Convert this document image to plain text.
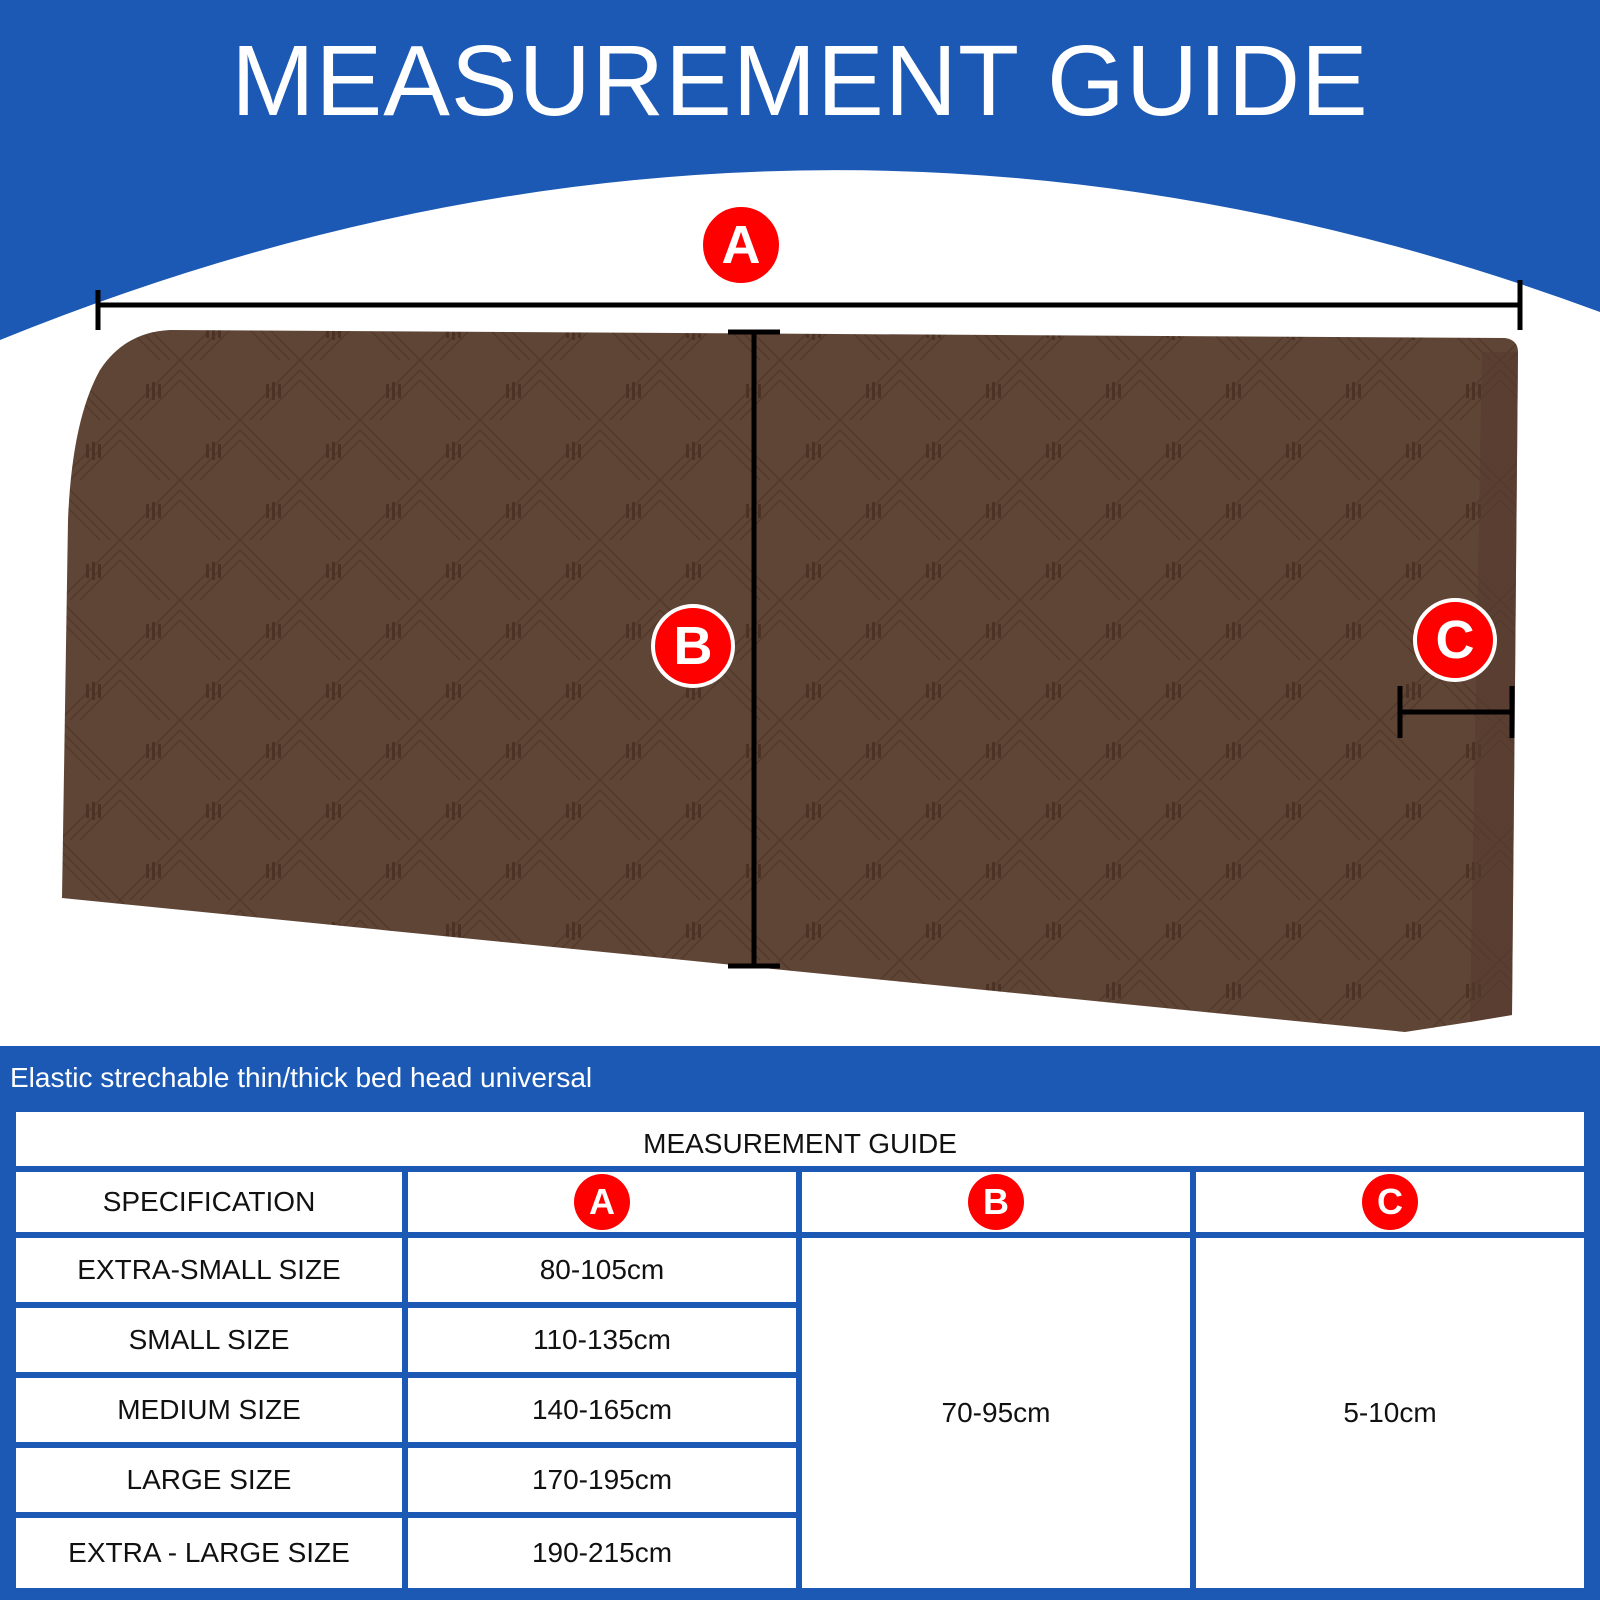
MEASUREMENT GUIDE
A
B	C
Elastic strechable thin/thick bed head universal
MEASUREMENT GUIDE
SPECIFICATION	A	B	C
EXTRA-SMALL SIZE	80-105cm
SMALL SIZE	110-135cm
MEDIUM SIZE	140-165cm
LARGE SIZE	170-195cm
EXTRA - LARGE SIZE	190-215cm
70-95cm	5-10cm
